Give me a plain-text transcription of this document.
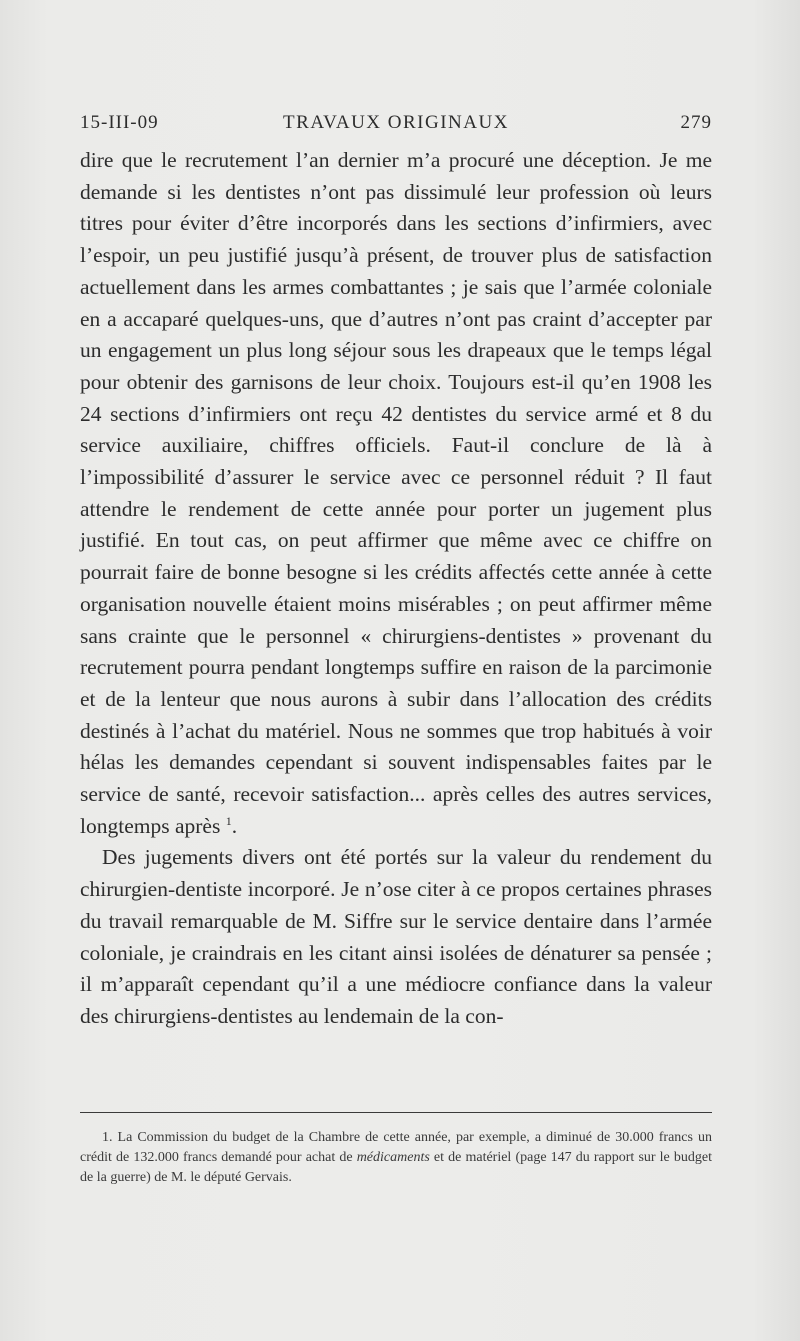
15-III-09	TRAVAUX ORIGINAUX	279

dire que le recrutement l’an dernier m’a procuré une déception. Je me demande si les dentistes n’ont pas dissimulé leur profession où leurs titres pour éviter d’être incorporés dans les sections d’infirmiers, avec l’espoir, un peu justifié jusqu’à présent, de trouver plus de satisfaction actuellement dans les armes combattantes ; je sais que l’armée coloniale en a accaparé quelques-uns, que d’autres n’ont pas craint d’accepter par un engagement un plus long séjour sous les drapeaux que le temps légal pour obtenir des garnisons de leur choix. Toujours est-il qu’en 1908 les 24 sections d’infirmiers ont reçu 42 dentistes du service armé et 8 du service auxiliaire, chiffres officiels. Faut-il conclure de là à l’impossibilité d’assurer le service avec ce personnel réduit ? Il faut attendre le rendement de cette année pour porter un jugement plus justifié. En tout cas, on peut affirmer que même avec ce chiffre on pourrait faire de bonne besogne si les crédits affectés cette année à cette organisation nouvelle étaient moins misérables ; on peut affirmer même sans crainte que le personnel « chirurgiens-dentistes » provenant du recrutement pourra pendant longtemps suffire en raison de la parcimonie et de la lenteur que nous aurons à subir dans l’allocation des crédits destinés à l’achat du matériel. Nous ne sommes que trop habitués à voir hélas les demandes cependant si souvent indispensables faites par le service de santé, recevoir satisfaction... après celles des autres services, longtemps après $^1$.

Des jugements divers ont été portés sur la valeur du rendement du chirurgien-dentiste incorporé. Je n’ose citer à ce propos certaines phrases du travail remarquable de M. Siffre sur le service dentaire dans l’armée coloniale, je craindrais en les citant ainsi isolées de dénaturer sa pensée ; il m’apparaît cependant qu’il a une médiocre confiance dans la valeur des chirurgiens-dentistes au lendemain de la con-

1. La Commission du budget de la Chambre de cette année, par exemple, a diminué de 30.000 francs un crédit de 132.000 francs demandé pour achat de médicaments et de matériel (page 147 du rapport sur le budget de la guerre) de M. le député Gervais.
